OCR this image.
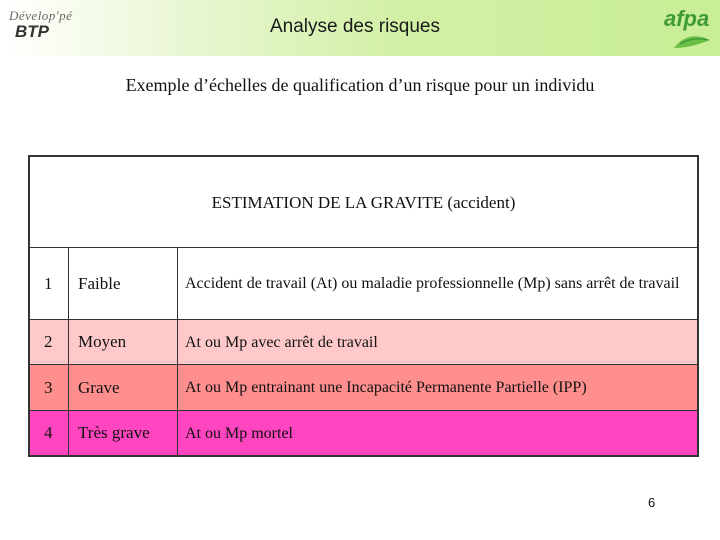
Dévelop'pé
BTP	Analyse des risques	afpa
Exemple d’échelles de qualification d’un risque pour un individu
ESTIMATION DE LA GRAVITE (accident)
1	Faible	Accident de travail (At) ou maladie professionnelle (Mp) sans arrêt de travail
2	Moyen	At ou Mp avec arrêt de travail
3	Grave	At ou Mp entrainant une Incapacité Permanente Partielle (IPP)
4	Très grave	At ou Mp mortel
6
